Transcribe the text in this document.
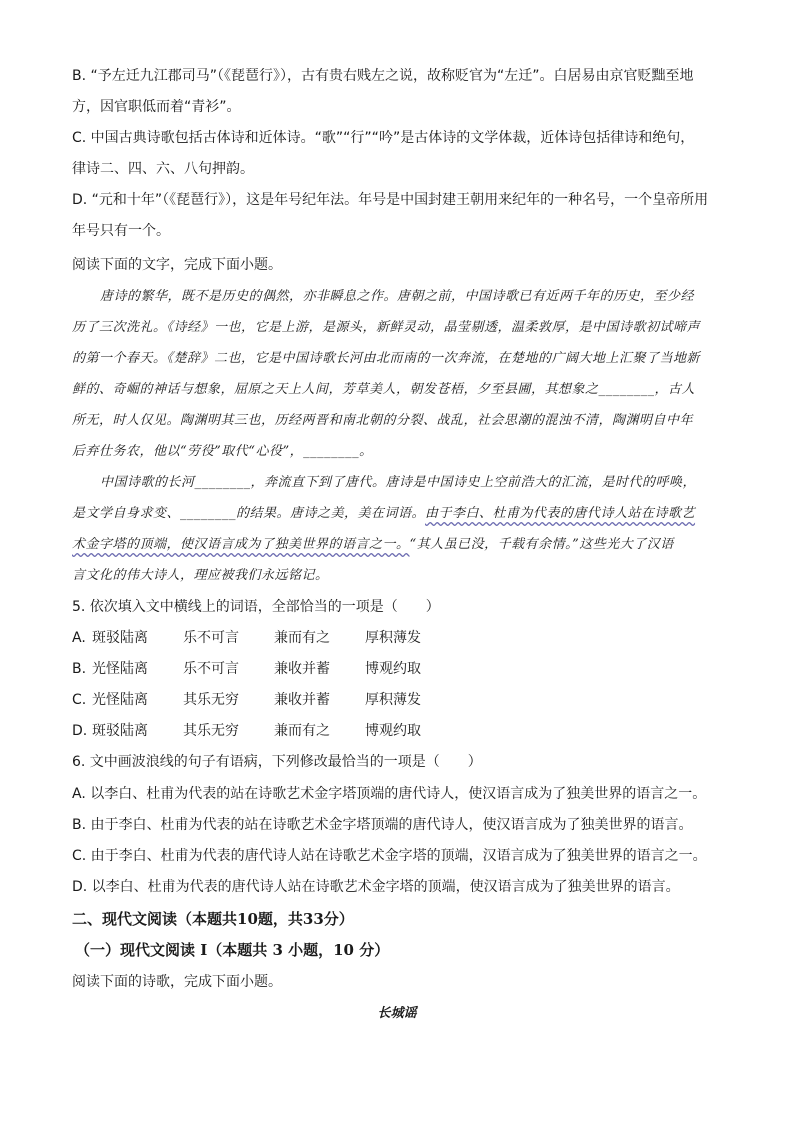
B. “予左迁九江郡司马”（《琵琶行》），古有贵右贱左之说，故称贬官为“左迁”。白居易由京官贬黜至地
方，因官职低而着“青衫”。
C. 中国古典诗歌包括古体诗和近体诗。“歌”“行”“吟”是古体诗的文学体裁，近体诗包括律诗和绝句，
律诗二、四、六、八句押韵。
D. “元和十年”（《琵琶行》），这是年号纪年法。年号是中国封建王朝用来纪年的一种名号，一个皇帝所用
年号只有一个。
阅读下面的文字，完成下面小题。
唐诗的繁华，既不是历史的偶然，亦非瞬息之作。唐朝之前，中国诗歌已有近两千年的历史，至少经
历了三次洗礼。《诗经》一也，它是上游，是源头，新鲜灵动，晶莹剔透，温柔敦厚，是中国诗歌初试啼声
的第一个春天。《楚辞》二也，它是中国诗歌长河由北而南的一次奔流，在楚地的广阔大地上汇聚了当地新
鲜的、奇崛的神话与想象，屈原之天上人间，芳草美人，朝发苍梧，夕至县圃，其想象之________，古人
所无，时人仅见。陶渊明其三也，历经两晋和南北朝的分裂、战乱，社会思潮的混浊不清，陶渊明自中年
后弃仕务农，他以“劳役”取代“心役”，________。
中国诗歌的长河________，奔流直下到了唐代。唐诗是中国诗史上空前浩大的汇流，是时代的呼唤，
是文学自身求变、________的结果。唐诗之美，美在词语。由于李白、杜甫为代表的唐代诗人站在诗歌艺
术金字塔的顶端，使汉语言成为了独美世界的语言之一。“其人虽已没，千载有余情。”这些光大了汉语
言文化的伟大诗人，理应被我们永远铭记。
5. 依次填入文中横线上的词语，全部恰当的一项是（　　）
A. 斑驳陆离	乐不可言	兼而有之	厚积薄发
B. 光怪陆离	乐不可言	兼收并蓄	博观约取
C. 光怪陆离	其乐无穷	兼收并蓄	厚积薄发
D. 斑驳陆离	其乐无穷	兼而有之	博观约取
6. 文中画波浪线的句子有语病，下列修改最恰当的一项是（　　）
A. 以李白、杜甫为代表的站在诗歌艺术金字塔顶端的唐代诗人，使汉语言成为了独美世界的语言之一。
B. 由于李白、杜甫为代表的站在诗歌艺术金字塔顶端的唐代诗人，使汉语言成为了独美世界的语言。
C. 由于李白、杜甫为代表的唐代诗人站在诗歌艺术金字塔的顶端，汉语言成为了独美世界的语言之一。
D. 以李白、杜甫为代表的唐代诗人站在诗歌艺术金字塔的顶端，使汉语言成为了独美世界的语言。
二、现代文阅读（本题共10题，共33分）
（一）现代文阅读 I（本题共 3 小题，10 分）
阅读下面的诗歌，完成下面小题。
长城谣
